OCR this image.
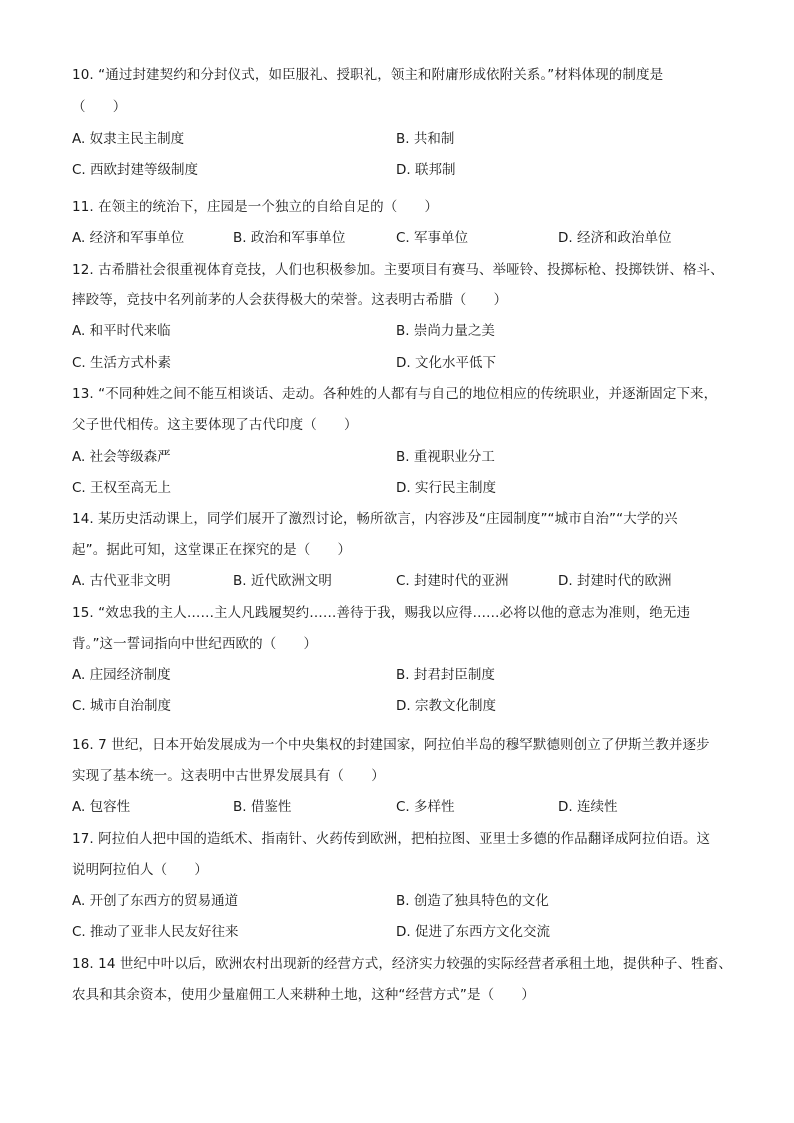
10. “通过封建契约和分封仪式，如臣服礼、授职礼，领主和附庸形成依附关系。”材料体现的制度是
（　　）
A. 奴隶主民主制度	B. 共和制
C. 西欧封建等级制度	D. 联邦制
11. 在领主的统治下，庄园是一个独立的自给自足的（　　）
A. 经济和军事单位	B. 政治和军事单位	C. 军事单位	D. 经济和政治单位
12. 古希腊社会很重视体育竞技，人们也积极参加。主要项目有赛马、举哑铃、投掷标枪、投掷铁饼、格斗、
摔跤等，竞技中名列前茅的人会获得极大的荣誉。这表明古希腊（　　）
A. 和平时代来临	B. 崇尚力量之美
C. 生活方式朴素	D. 文化水平低下
13. “不同种姓之间不能互相谈话、走动。各种姓的人都有与自己的地位相应的传统职业，并逐渐固定下来，
父子世代相传。这主要体现了古代印度（　　）
A. 社会等级森严	B. 重视职业分工
C. 王权至高无上	D. 实行民主制度
14. 某历史活动课上，同学们展开了激烈讨论，畅所欲言，内容涉及“庄园制度”“城市自治”“大学的兴
起”。据此可知，这堂课正在探究的是（　　）
A. 古代亚非文明	B. 近代欧洲文明	C. 封建时代的亚洲	D. 封建时代的欧洲
15. “效忠我的主人……主人凡践履契约……善待于我，赐我以应得……必将以他的意志为准则，绝无违
背。”这一誓词指向中世纪西欧的（　　）
A. 庄园经济制度	B. 封君封臣制度
C. 城市自治制度	D. 宗教文化制度
16. 7 世纪，日本开始发展成为一个中央集权的封建国家，阿拉伯半岛的穆罕默德则创立了伊斯兰教并逐步
实现了基本统一。这表明中古世界发展具有（　　）
A. 包容性	B. 借鉴性	C. 多样性	D. 连续性
17. 阿拉伯人把中国的造纸术、指南针、火药传到欧洲，把柏拉图、亚里士多德的作品翻译成阿拉伯语。这
说明阿拉伯人（　　）
A. 开创了东西方的贸易通道	B. 创造了独具特色的文化
C. 推动了亚非人民友好往来	D. 促进了东西方文化交流
18. 14 世纪中叶以后，欧洲农村出现新的经营方式，经济实力较强的实际经营者承租土地，提供种子、牲畜、
农具和其余资本，使用少量雇佣工人来耕种土地，这种“经营方式”是（　　）
